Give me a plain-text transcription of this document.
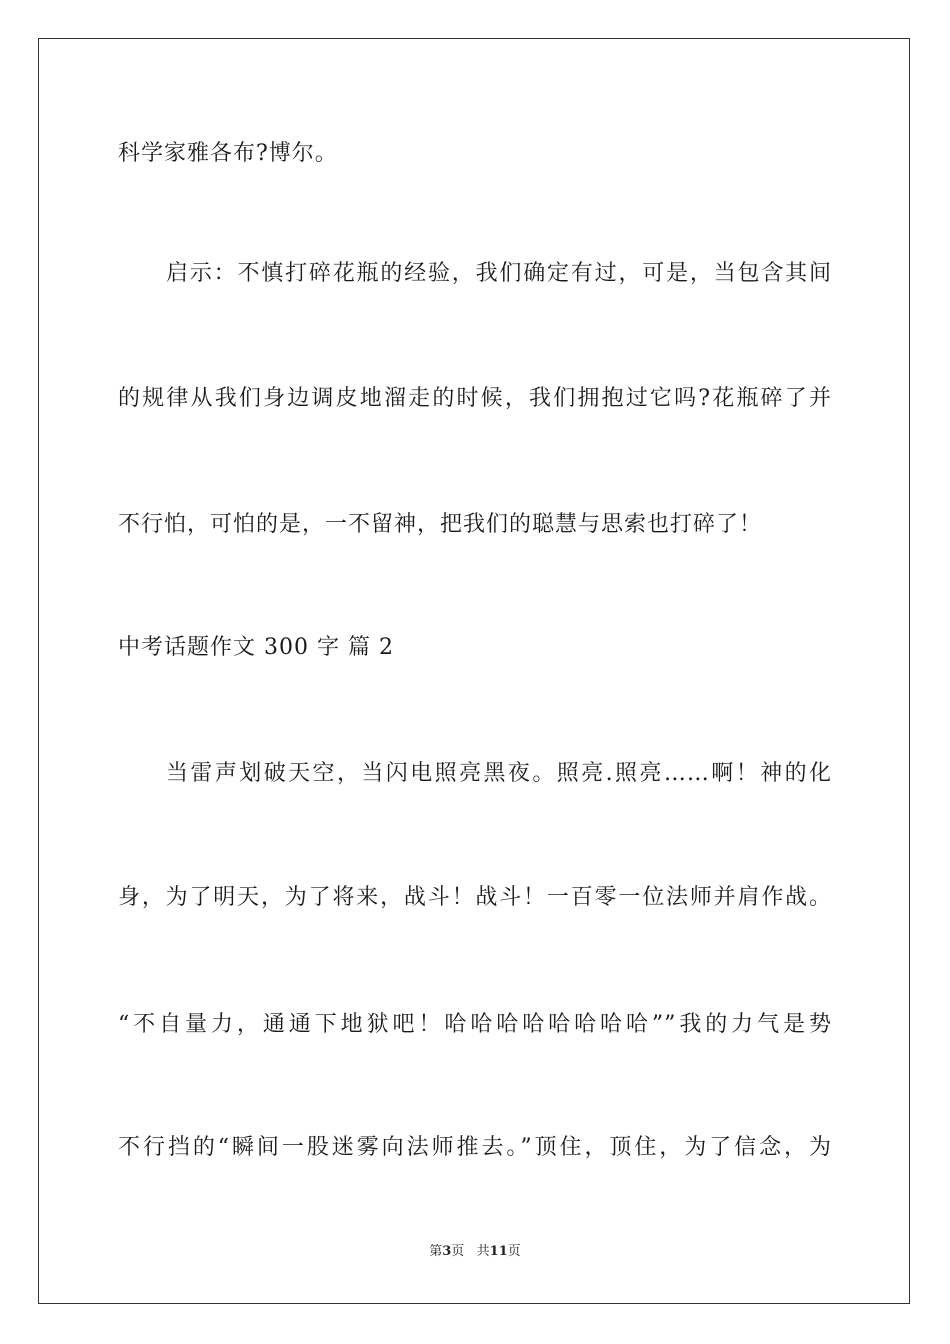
科学家雅各布?博尔。
启示：不慎打碎花瓶的经验，我们确定有过，可是，当包含其间
的规律从我们身边调皮地溜走的时候，我们拥抱过它吗?花瓶碎了并
不行怕，可怕的是，一不留神，把我们的聪慧与思索也打碎了！
中考话题作文 300 字 篇 2
当雷声划破天空，当闪电照亮黑夜。照亮.照亮……啊！神的化
身，为了明天，为了将来，战斗！战斗！一百零一位法师并肩作战。
“不自量力，通通下地狱吧！哈哈哈哈哈哈哈哈””我的力气是势
不行挡的“瞬间一股迷雾向法师推去。”顶住，顶住，为了信念，为
第3页   共11页
